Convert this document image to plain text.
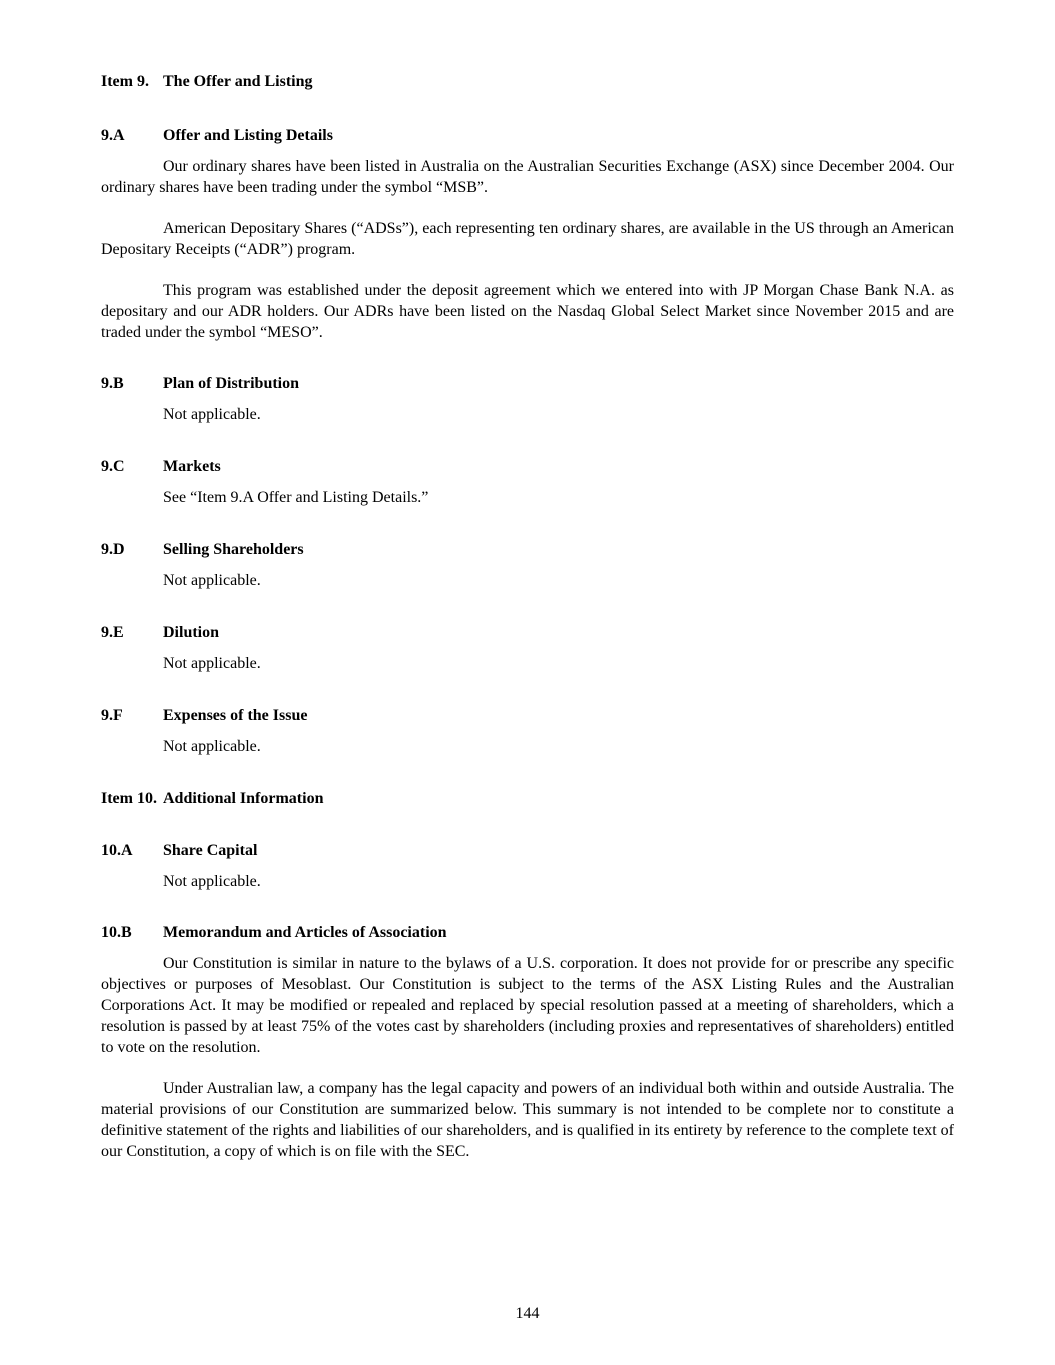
Item 9. The Offer and Listing
9.A	Offer and Listing Details

Our ordinary shares have been listed in Australia on the Australian Securities Exchange (ASX) since December 2004. Our ordinary shares have been trading under the symbol “MSB”.

American Depositary Shares (“ADSs”), each representing ten ordinary shares, are available in the US through an American Depositary Receipts (“ADR”) program.

This program was established under the deposit agreement which we entered into with JP Morgan Chase Bank N.A. as depositary and our ADR holders. Our ADRs have been listed on the Nasdaq Global Select Market since November 2015 and are traded under the symbol “MESO”.

9.B	Plan of Distribution

Not applicable.

9.C	Markets

See “Item 9.A Offer and Listing Details.”

9.D	Selling Shareholders

Not applicable.

9.E	Dilution

Not applicable.

9.F	Expenses of the Issue

Not applicable.

Item 10. Additional Information
10.A	Share Capital

Not applicable.

10.B	Memorandum and Articles of Association

Our Constitution is similar in nature to the bylaws of a U.S. corporation. It does not provide for or prescribe any specific objectives or purposes of Mesoblast. Our Constitution is subject to the terms of the ASX Listing Rules and the Australian Corporations Act. It may be modified or repealed and replaced by special resolution passed at a meeting of shareholders, which a resolution is passed by at least 75% of the votes cast by shareholders (including proxies and representatives of shareholders) entitled to vote on the resolution.

Under Australian law, a company has the legal capacity and powers of an individual both within and outside Australia. The material provisions of our Constitution are summarized below. This summary is not intended to be complete nor to constitute a definitive statement of the rights and liabilities of our shareholders, and is qualified in its entirety by reference to the complete text of our Constitution, a copy of which is on file with the SEC.

144
